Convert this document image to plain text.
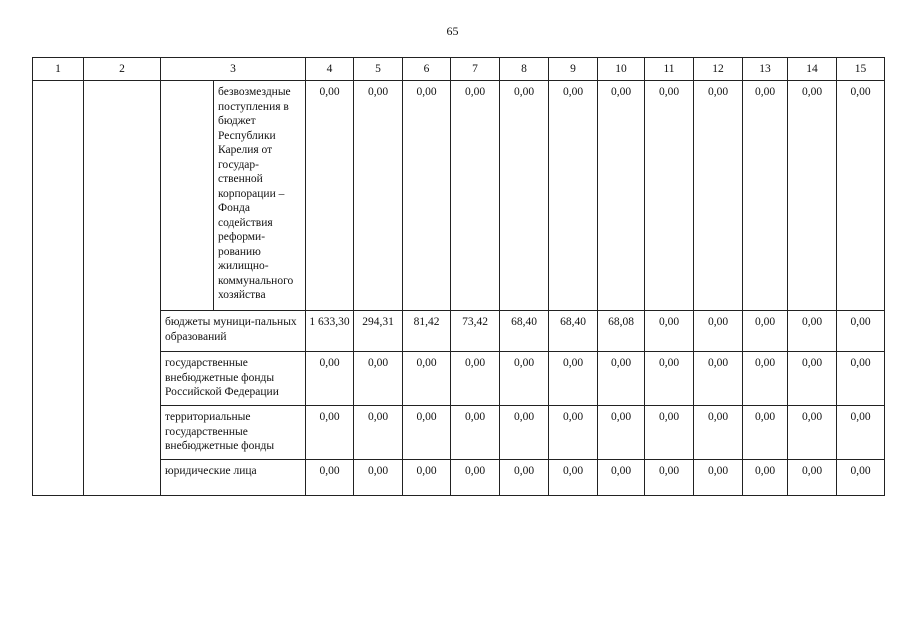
65
1	2	3		4	5	6	7	8	9	10	11	12	13	14	15
			безвозмездные поступления в бюджет Республики Карелия от государ-ственной корпорации – Фонда содействия реформи-рованию жилищно-коммунального хозяйства	0,00	0,00	0,00	0,00	0,00	0,00	0,00	0,00	0,00	0,00	0,00	0,00
		бюджеты муници-пальных образований		1 633,30	294,31	81,42	73,42	68,40	68,40	68,08	0,00	0,00	0,00	0,00	0,00
		государственные внебюджетные фонды Российской Федерации		0,00	0,00	0,00	0,00	0,00	0,00	0,00	0,00	0,00	0,00	0,00	0,00
		территориальные государственные внебюджетные фонды		0,00	0,00	0,00	0,00	0,00	0,00	0,00	0,00	0,00	0,00	0,00	0,00
		юридические лица		0,00	0,00	0,00	0,00	0,00	0,00	0,00	0,00	0,00	0,00	0,00	0,00
